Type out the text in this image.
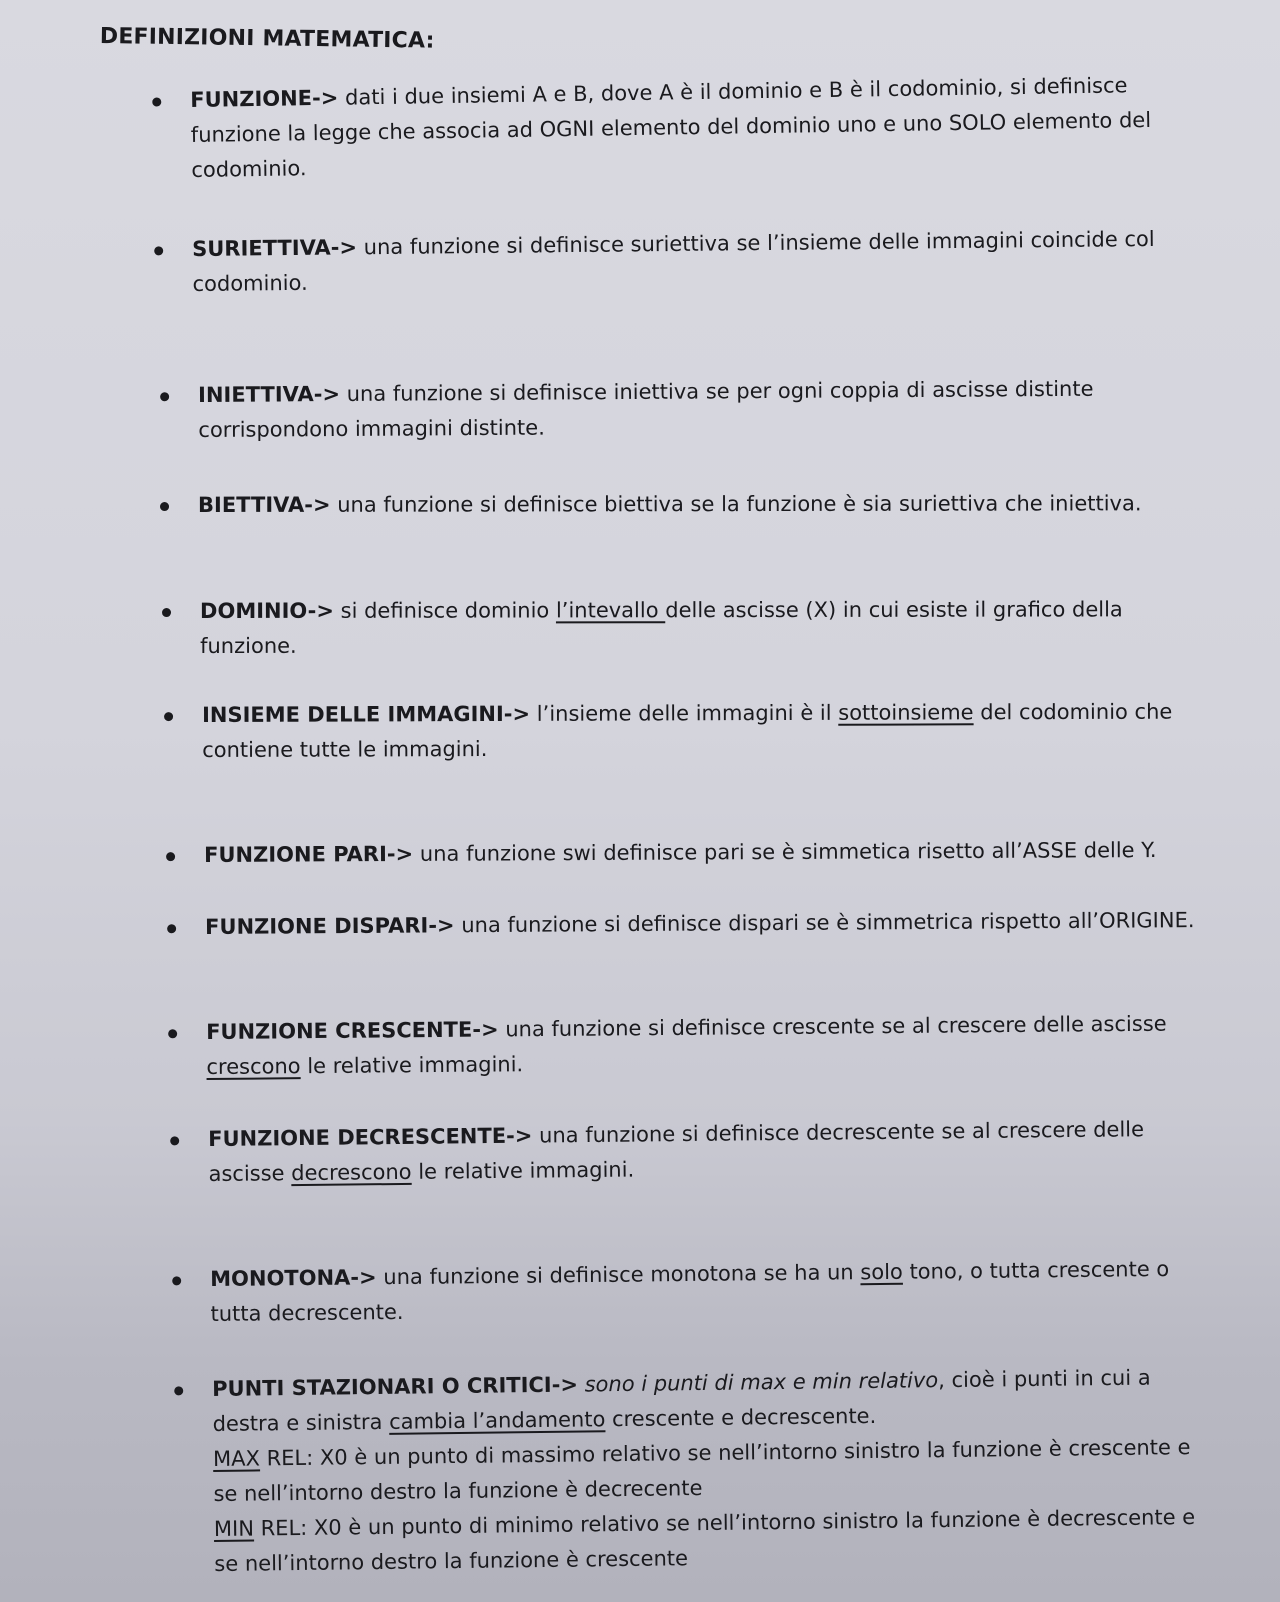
DEFINIZIONI MATEMATICA:
FUNZIONE-> dati i due insiemi A e B, dove A è il dominio e B è il codominio, si definisce funzione la legge che associa ad OGNI elemento del dominio uno e uno SOLO elemento del codominio.
SURIETTIVA-> una funzione si definisce suriettiva se l’insieme delle immagini coincide col codominio.
INIETTIVA-> una funzione si definisce iniettiva se per ogni coppia di ascisse distinte corrispondono immagini distinte.
BIETTIVA-> una funzione si definisce biettiva se la funzione è sia suriettiva che iniettiva.
DOMINIO-> si definisce dominio l’intevallo delle ascisse (X) in cui esiste il grafico della funzione.
INSIEME DELLE IMMAGINI-> l’insieme delle immagini è il sottoinsieme del codominio che contiene tutte le immagini.
FUNZIONE PARI-> una funzione swi definisce pari se è simmetica risetto all’ASSE delle Y.
FUNZIONE DISPARI-> una funzione si definisce dispari se è simmetrica rispetto all’ORIGINE.
FUNZIONE CRESCENTE-> una funzione si definisce crescente se al crescere delle ascisse crescono le relative immagini.
FUNZIONE DECRESCENTE-> una funzione si definisce decrescente se al crescere delle ascisse decrescono le relative immagini.
MONOTONA-> una funzione si definisce monotona se ha un solo tono, o tutta crescente o tutta decrescente.
PUNTI STAZIONARI O CRITICI-> sono i punti di max e min relativo, cioè i punti in cui a destra e sinistra cambia l’andamento crescente e decrescente.
MAX REL: X0 è un punto di massimo relativo se nell’intorno sinistro la funzione è crescente e se nell’intorno destro la funzione è decrecente
MIN REL: X0 è un punto di minimo relativo se nell’intorno sinistro la funzione è decrescente e se nell’intorno destro la funzione è crescente
